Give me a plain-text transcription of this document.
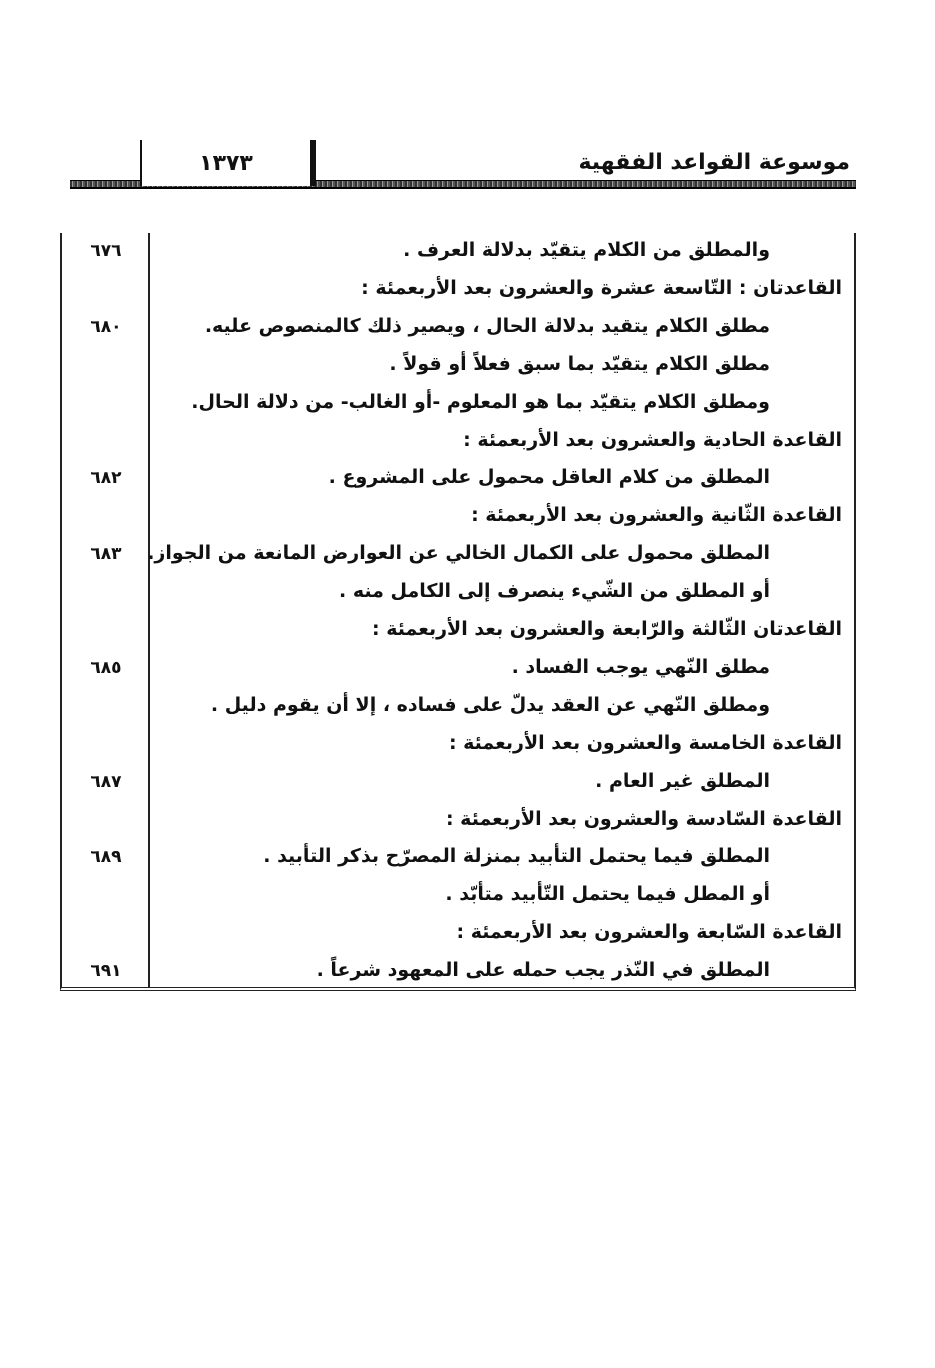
١٣٧٣	موسوعة القواعد الفقهية
والمطلق من الكلام يتقيّد بدلالة العرف .
٦٧٦
القاعدتان : التّاسعة عشرة والعشرون بعد الأربعمئة :
مطلق الكلام يتقيد بدلالة الحال ، ويصير ذلك كالمنصوص عليه.
٦٨٠
مطلق الكلام يتقيّد بما سبق فعلاً أو قولاً .
ومطلق الكلام يتقيّد بما هو المعلوم -أو الغالب- من دلالة الحال.
القاعدة الحادية والعشرون بعد الأربعمئة :
المطلق من كلام العاقل محمول على المشروع .
٦٨٢
القاعدة الثّانية والعشرون بعد الأربعمئة :
المطلق محمول على الكمال الخالي عن العوارض المانعة من الجواز.
٦٨٣
أو المطلق من الشّيء ينصرف إلى الكامل منه .
القاعدتان الثّالثة والرّابعة والعشرون بعد الأربعمئة :
مطلق النّهي يوجب الفساد .
٦٨٥
ومطلق النّهي عن العقد يدلّ على فساده ، إلا أن يقوم دليل .
القاعدة الخامسة والعشرون بعد الأربعمئة :
المطلق غير العام .
٦٨٧
القاعدة السّادسة والعشرون بعد الأربعمئة :
المطلق فيما يحتمل التأبيد بمنزلة المصرّح بذكر التأبيد .
٦٨٩
أو المطل فيما يحتمل التّأبيد متأبّد .
القاعدة السّابعة والعشرون بعد الأربعمئة :
المطلق في النّذر يجب حمله على المعهود شرعاً .
٦٩١
